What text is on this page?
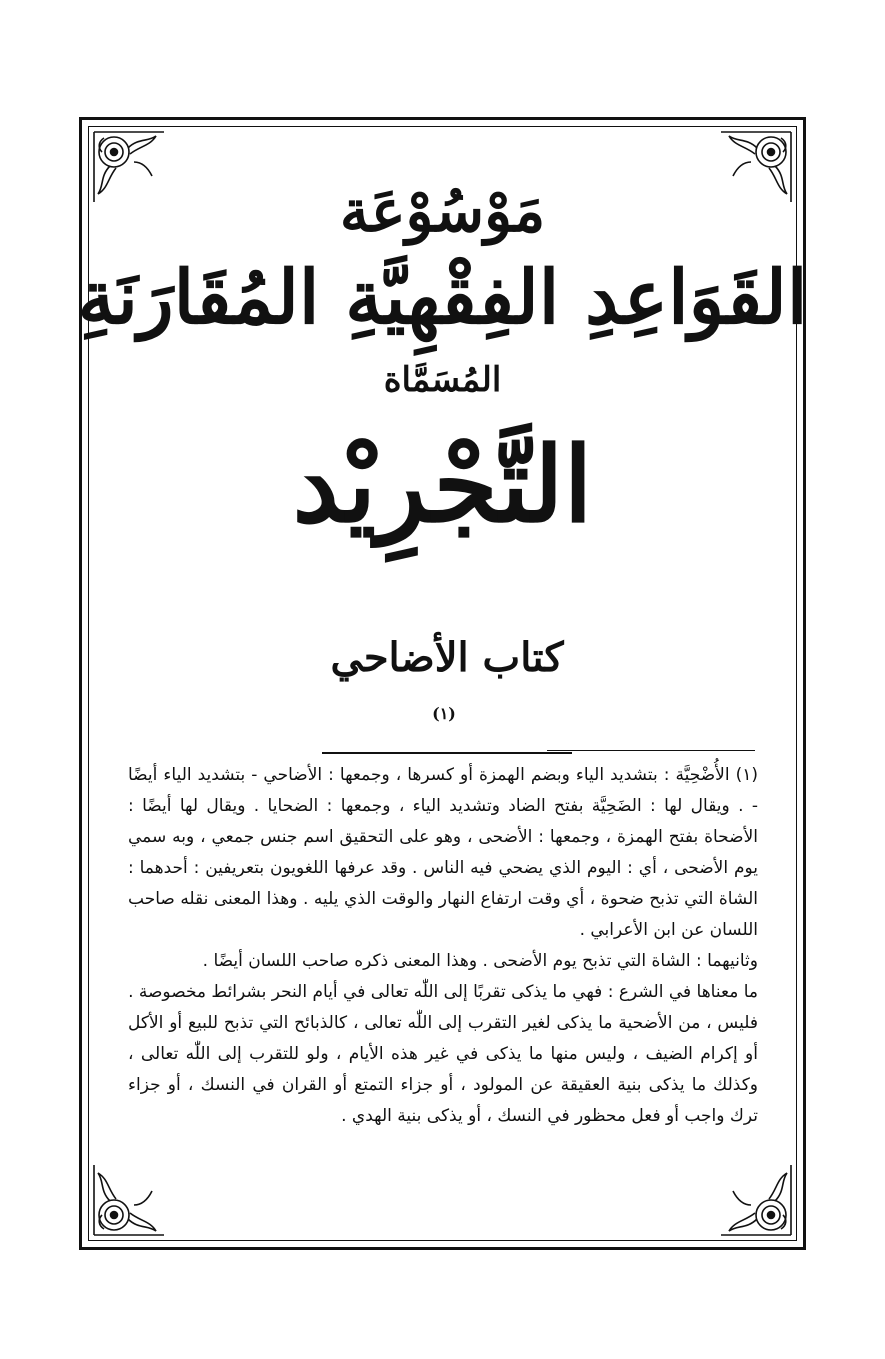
مَوْسُوْعَة
القَوَاعِدِ الفِقْهِيَّةِ المُقَارَنَةِ
المُسَمَّاة
التَّجْرِيْد
كتاب الأضاحي $^{(١)}$

(١) الأُضْحِيَّة : بتشديد الياء وبضم الهمزة أو كسرها ، وجمعها : الأضاحي - بتشديد الياء أيضًا - . ويقال لها : الضَحِيَّة بفتح الضاد وتشديد الياء ، وجمعها : الضحايا . ويقال لها أيضًا : الأضحاة بفتح الهمزة ، وجمعها : الأضحى ، وهو على التحقيق اسم جنس جمعي ، وبه سمي يوم الأضحى ، أي : اليوم الذي يضحي فيه الناس . وقد عرفها اللغويون بتعريفين : أحدهما : الشاة التي تذبح ضحوة ، أي وقت ارتفاع النهار والوقت الذي يليه . وهذا المعنى نقله صاحب اللسان عن ابن الأعرابي .

وثانيهما : الشاة التي تذبح يوم الأضحى . وهذا المعنى ذكره صاحب اللسان أيضًا .

ما معناها في الشرع : فهي ما يذكى تقربًا إلى اللّٰه تعالى في أيام النحر بشرائط مخصوصة .

فليس ، من الأضحية ما يذكى لغير التقرب إلى اللّٰه تعالى ، كالذبائح التي تذبح للبيع أو الأكل أو إكرام الضيف ، وليس منها ما يذكى في غير هذه الأيام ، ولو للتقرب إلى اللّٰه تعالى ، وكذلك ما يذكى بنية العقيقة عن المولود ، أو جزاء التمتع أو القران في النسك ، أو جزاء ترك واجب أو فعل محظور في النسك ، أو يذكى بنية الهدي .
